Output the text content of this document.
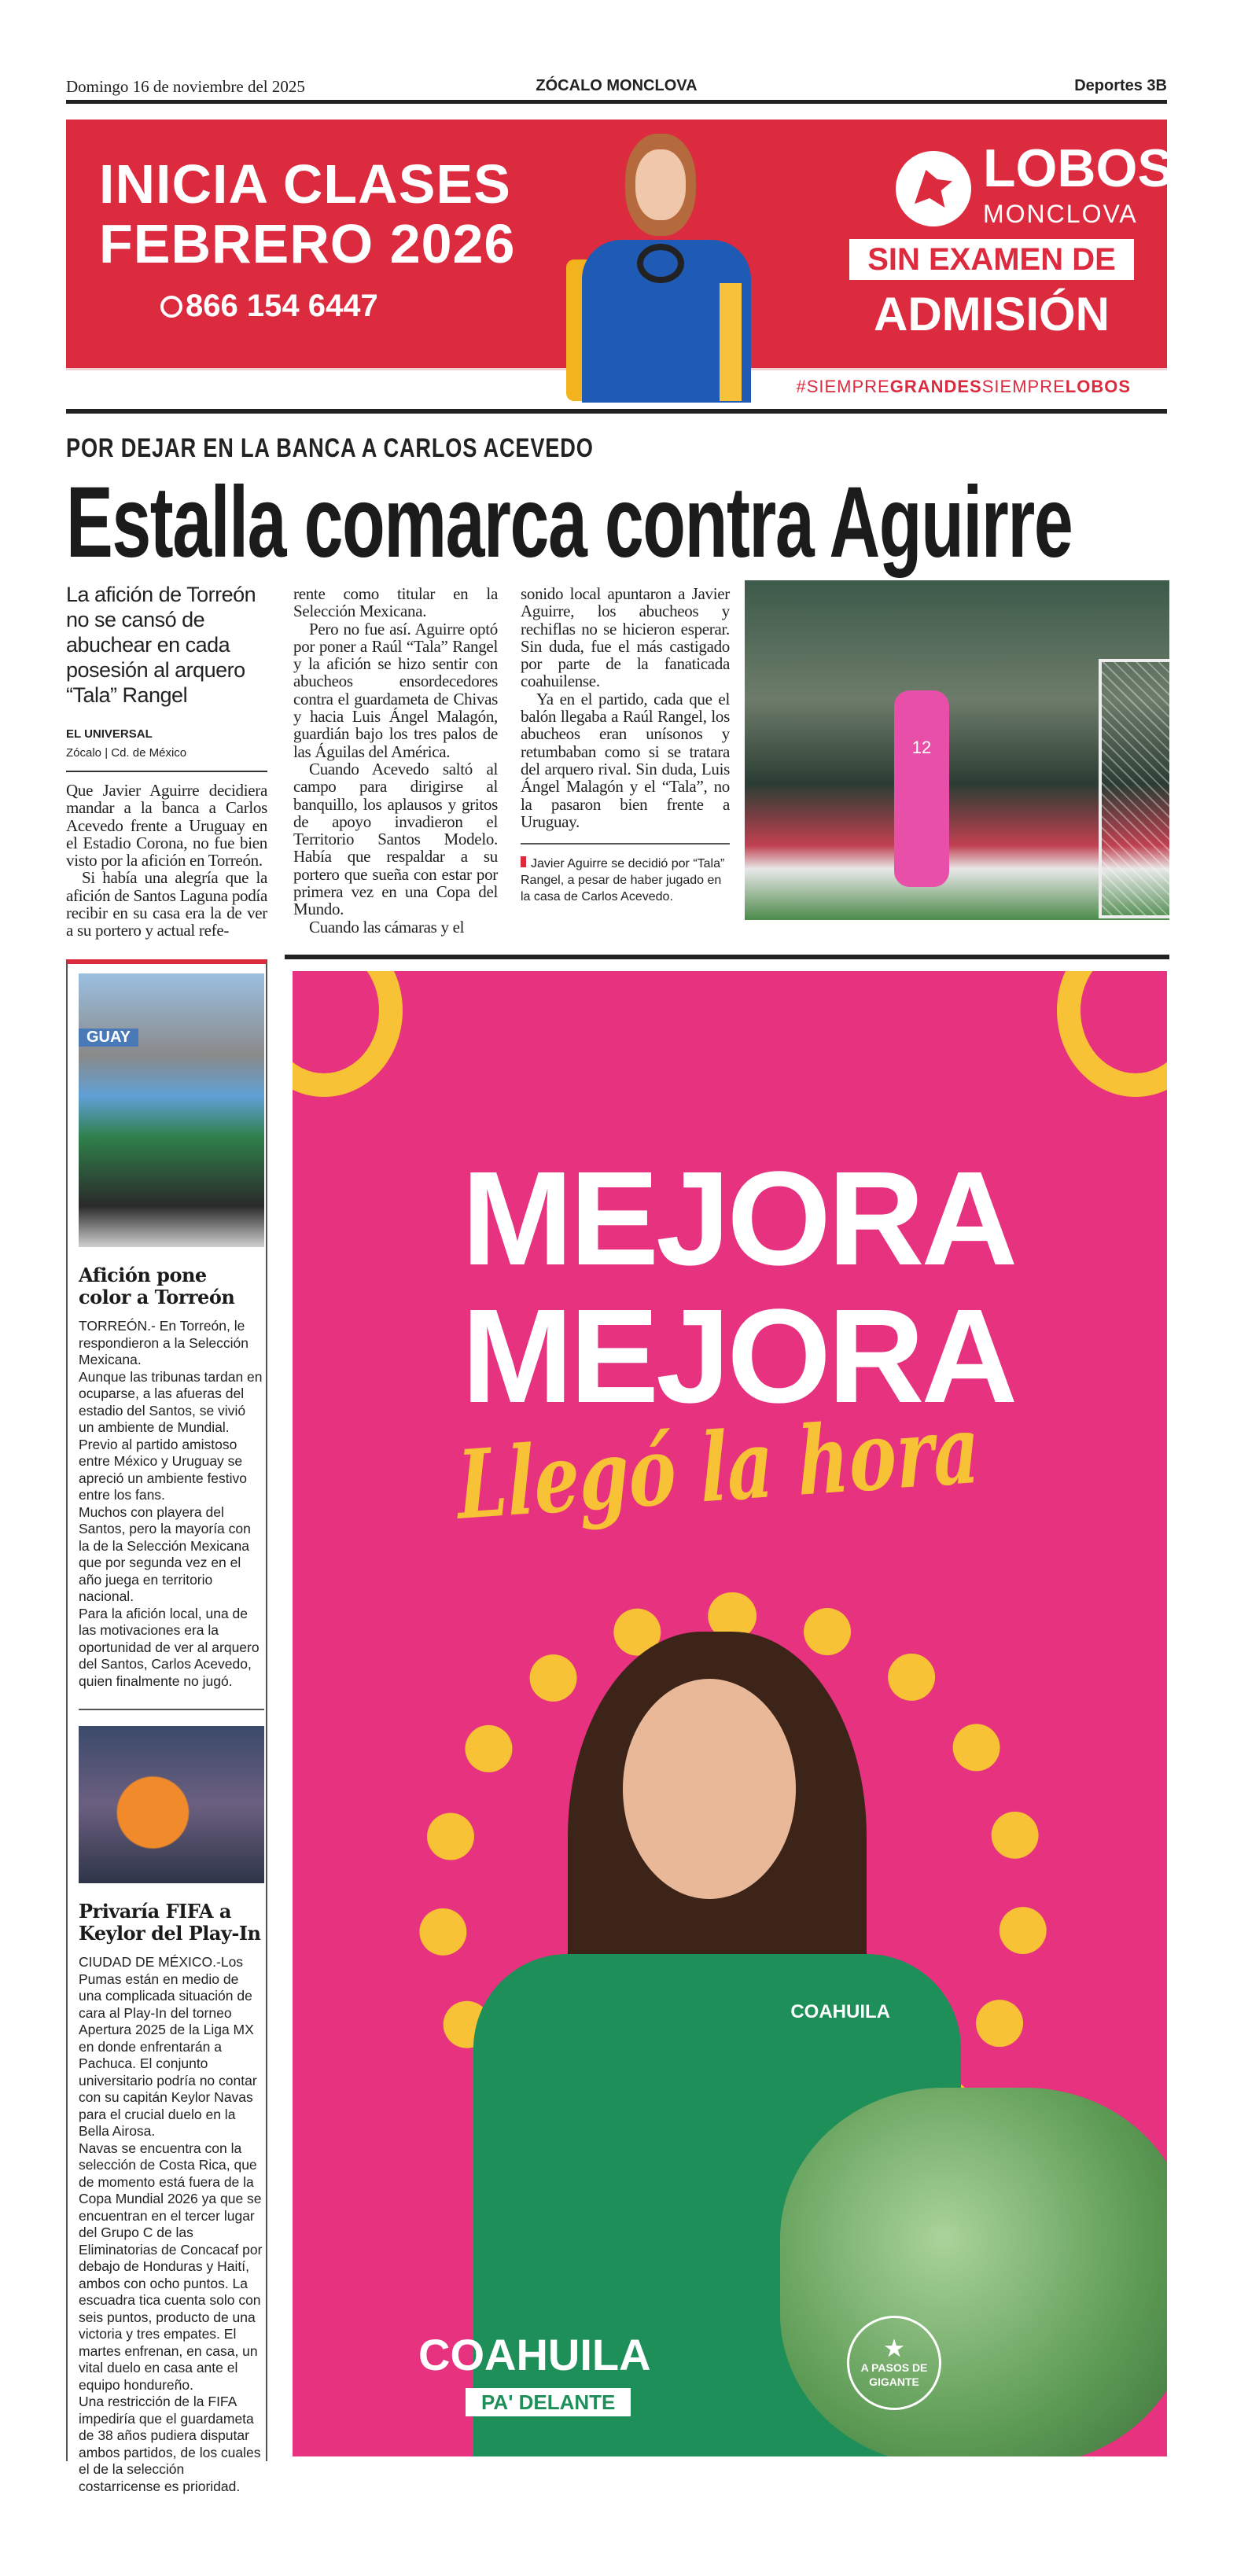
Domingo 16 de noviembre del 2025	ZÓCALO MONCLOVA	Deportes 3B
INICIA CLASES
FEBRERO 2026
866 154 6447
LOBOS
MONCLOVA
SIN EXAMEN DE
ADMISIÓN
#SIEMPREGRANDESSIEMPRELOBOS
POR DEJAR EN LA BANCA A CARLOS ACEVEDO
Estalla comarca contra Aguirre
La afición de Torreón no se cansó de abuchear en cada posesión al arquero “Tala” Rangel
EL UNIVERSAL
Zócalo | Cd. de México

Que Javier Aguirre decidiera mandar a la banca a Carlos Acevedo frente a Uruguay en el Estadio Corona, no fue bien visto por la afición en Torreón.

Si había una alegría que la afición de Santos Laguna podía recibir en su casa era la de ver a su portero y actual refe-

rente como titular en la Selección Mexicana.

Pero no fue así. Aguirre optó por poner a Raúl “Tala” Rangel y la afición se hizo sentir con abucheos ensordecedores contra el guardameta de Chivas y hacia Luis Ángel Malagón, guardián bajo los tres palos de las Águilas del América.

Cuando Acevedo saltó al campo para dirigirse al banquillo, los aplausos y gritos de apoyo invadieron el Territorio Santos Modelo. Había que respaldar a su portero que sueña con estar por primera vez en una Copa del Mundo.

Cuando las cámaras y el

sonido local apuntaron a Javier Aguirre, los abucheos y rechiflas no se hicieron esperar. Sin duda, fue el más castigado por parte de la fanaticada coahuilense.

Ya en el partido, cada que el balón llegaba a Raúl Rangel, los abucheos eran unísonos y retumbaban como si se tratara del arquero rival. Sin duda, Luis Ángel Malagón y el “Tala”, no la pasaron bien frente a Uruguay.

Javier Aguirre se decidió por “Tala” Rangel, a pesar de haber jugado en la casa de Carlos Acevedo.
12
GUAY
Afición pone color a Torreón

TORREÓN.- En Torreón, le respondieron a la Selección Mexicana.

Aunque las tribunas tardan en ocuparse, a las afueras del estadio del Santos, se vivió un ambiente de Mundial.

Previo al partido amistoso entre México y Uruguay se apreció un ambiente festivo entre los fans.

Muchos con playera del Santos, pero la mayoría con la de la Selección Mexicana que por segunda vez en el año juega en territorio nacional.

Para la afición local, una de las motivaciones era la oportunidad de ver al arquero del Santos, Carlos Acevedo, quien finalmente no jugó.

Privaría FIFA a Keylor del Play-In

CIUDAD DE MÉXICO.-Los Pumas están en medio de una complicada situación de cara al Play-In del torneo Apertura 2025 de la Liga MX en donde enfrentarán a Pachuca. El conjunto universitario podría no contar con su capitán Keylor Navas para el crucial duelo en la Bella Airosa.

Navas se encuentra con la selección de Costa Rica, que de momento está fuera de la Copa Mundial 2026 ya que se encuentran en el tercer lugar del Grupo C de las Eliminatorias de Concacaf por debajo de Honduras y Haití, ambos con ocho puntos. La escuadra tica cuenta solo con seis puntos, producto de una victoria y tres empates. El martes enfrenan, en casa, un vital duelo en casa ante el equipo hondureño.

Una restricción de la FIFA impediría que el guardameta de 38 años pudiera disputar ambos partidos, de los cuales el de la selección costarricense es prioridad.

MEJORA
MEJORA
Llegó la hora
COAHUILA
COAHUILA
PA' DELANTE
★
A PASOS DE GIGANTE
